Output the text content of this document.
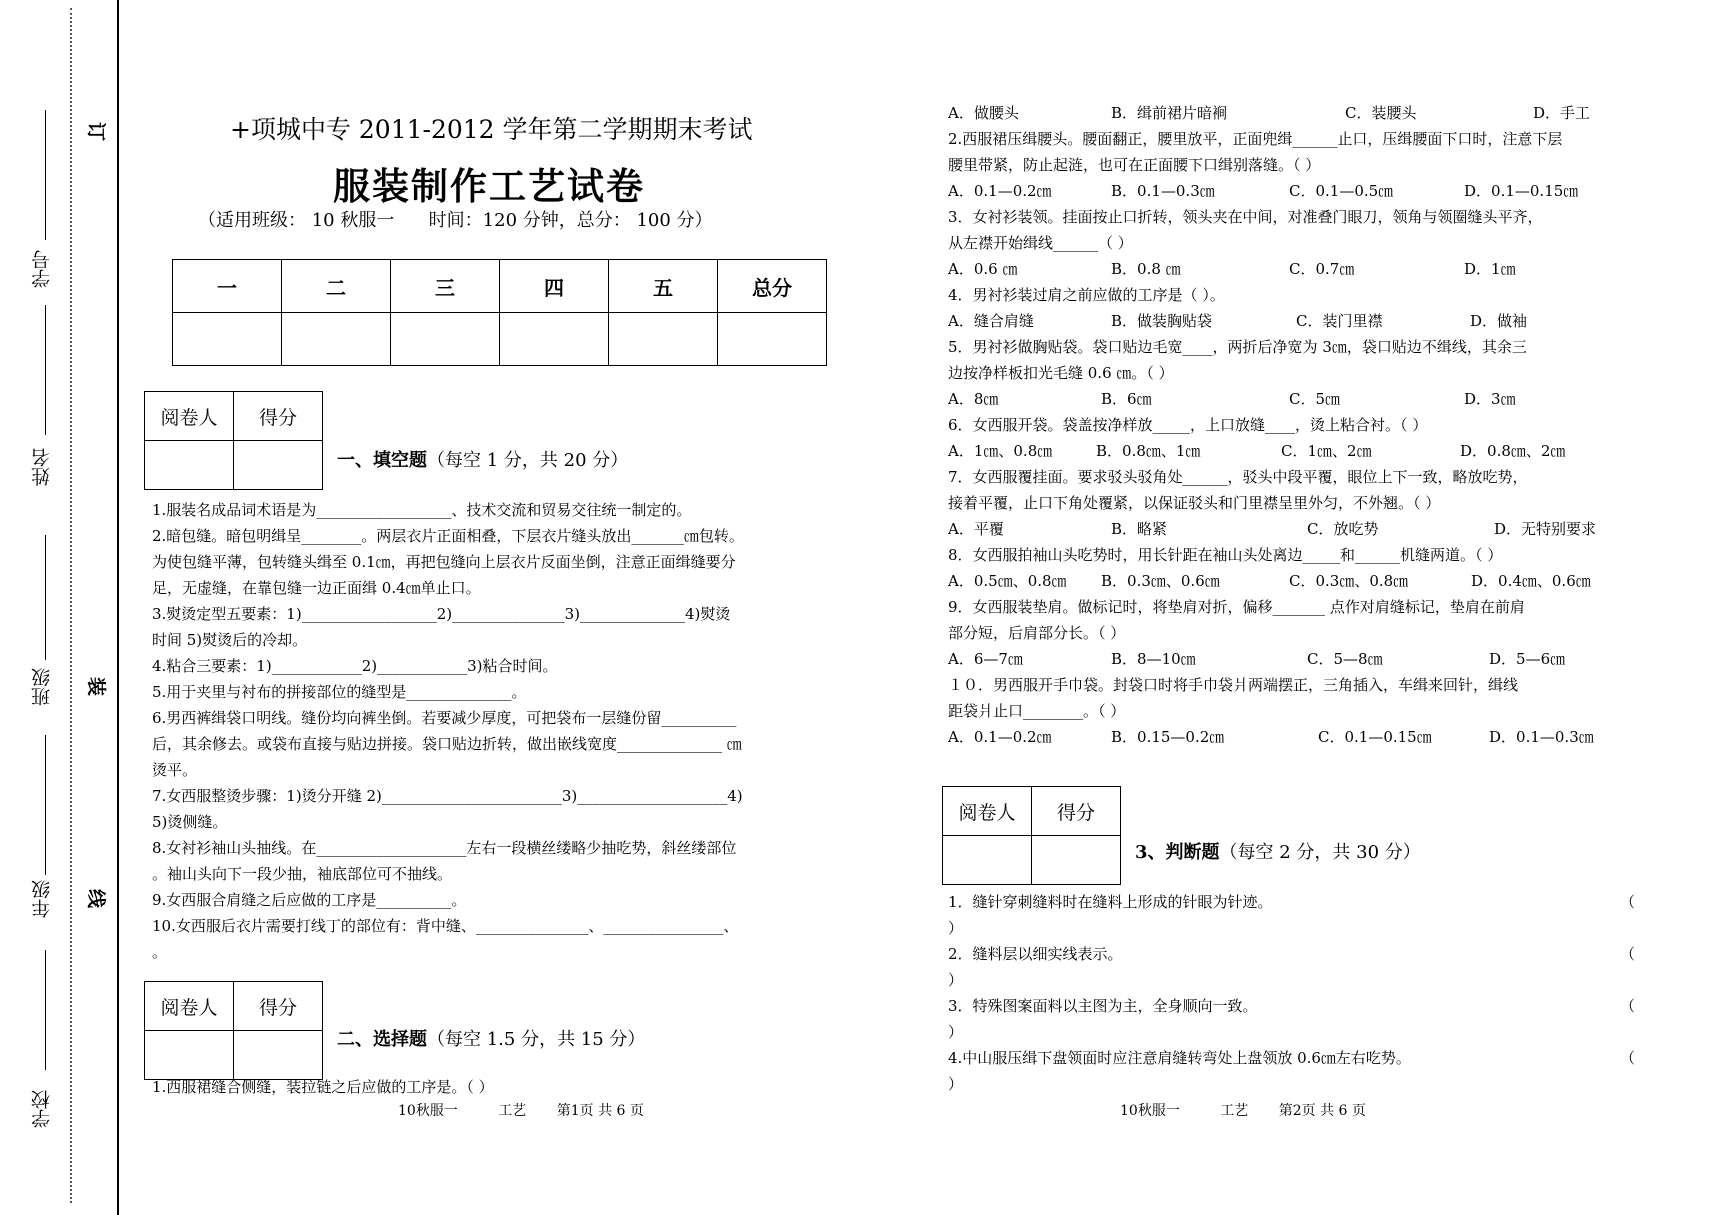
学号
姓名
班级
年级
学校
订
装
线
+项城中专 2011-2012 学年第二学期期末考试
服装制作工艺试卷
（适用班级： 10 秋服一      时间：120 分钟，总分： 100 分）
一	二	三	四	五	总分

阅卷人	得分

一、填空题（每空 1 分，共 20 分）
1.服装名成品词术语是为__________________、技术交流和贸易交往统一制定的。
2.暗包缝。暗包明缉呈________。两层衣片正面相叠，下层衣片缝头放出_______㎝包转。
为使包缝平薄，包转缝头缉至 0.1㎝，再把包缝向上层衣片反面坐倒，注意正面缉缝要分
足，无虚缝，在靠包缝一边正面缉 0.4㎝单止口。
3.熨烫定型五要素：1)__________________2)_______________3)______________4)熨烫
时间 5)熨烫后的冷却。
4.粘合三要素：1)____________2)____________3)粘合时间。
5.用于夹里与衬布的拼接部位的缝型是______________。
6.男西裤缉袋口明线。缝份均向裤坐倒。若要减少厚度，可把袋布一层缝份留__________
后，其余修去。或袋布直接与贴边拼接。袋口贴边折转，做出嵌线宽度______________ ㎝
烫平。
7.女西服整烫步骤：1)烫分开缝 2)________________________3)____________________4)
5)烫侧缝。
8.女衬衫袖山头抽线。在____________________左右一段横丝缕略少抽吃势，斜丝缕部位
。袖山头向下一段少抽，袖底部位可不抽线。
9.女西服合肩缝之后应做的工序是__________。
10.女西服后衣片需要打线丁的部位有：背中缝、_______________、________________、
。
阅卷人	得分

二、选择题（每空 1.5 分，共 15 分）
1.西服裙缝合侧缝，装拉链之后应做的工序是。（ ）
10秋服一	工艺 第1页 共 6 页
A．做腰头	B．缉前裙片暗裥	C．装腰头	D．手工
2.西服裙压缉腰头。腰面翻正，腰里放平，正面兜缉______止口，压缉腰面下口时，注意下层
腰里带紧，防止起涟，也可在正面腰下口缉别落缝。（ ）
A．0.1—0.2㎝	B．0.1—0.3㎝	C．0.1—0.5㎝	D．0.1—0.15㎝
3．女衬衫装领。挂面按止口折转，领头夹在中间，对准叠门眼刀，领角与领圈缝头平齐，
从左襟开始缉线______（ ）
A．0.6 ㎝	B．0.8 ㎝	C．0.7㎝	D．1㎝
4．男衬衫装过肩之前应做的工序是（ ）。
A．缝合肩缝	B．做装胸贴袋	C．装门里襟	D．做袖
5．男衬衫做胸贴袋。袋口贴边毛宽____，两折后净宽为 3㎝，袋口贴边不缉线，其余三
边按净样板扣光毛缝 0.6 ㎝。（ ）
A．8㎝	B．6㎝	C．5㎝	D．3㎝
6．女西服开袋。袋盖按净样放_____，上口放缝____，烫上粘合衬。（ ）
A．1㎝、0.8㎝	B．0.8㎝、1㎝	C．1㎝、2㎝	D．0.8㎝、2㎝
7．女西服覆挂面。要求驳头驳角处______，驳头中段平覆，眼位上下一致，略放吃势，
接着平覆，止口下角处覆紧，以保证驳头和门里襟呈里外匀，不外翘。（ ）
A．平覆	B．略紧	C．放吃势	D．无特别要求
8．女西服拍袖山头吃势时，用长针距在袖山头处离边_____和______机缝两道。（ ）
A．0.5㎝、0.8㎝ B．0.3㎝、0.6㎝	C．0.3㎝、0.8㎝	D．0.4㎝、0.6㎝
9．女西服装垫肩。做标记时，将垫肩对折，偏移_______ 点作对肩缝标记，垫肩在前肩
部分短，后肩部分长。（ ）
A．6—7㎝	B．8—10㎝	C．5—8㎝	D．5—6㎝
１０．男西服开手巾袋。封袋口时将手巾袋爿两端摆正，三角插入，车缉来回针，缉线
距袋爿止口________。（ ）
A．0.1—0.2㎝	B．0.15—0.2㎝	C．0.1—0.15㎝	D．0.1—0.3㎝
阅卷人	得分

3、判断题（每空 2 分，共 30 分）
1．缝针穿刺缝料时在缝料上形成的针眼为针迹。	（
）
2．缝料层以细实线表示。	（
）
3．特殊图案面料以主图为主，全身顺向一致。	（
）
4.中山服压缉下盘领面时应注意肩缝转弯处上盘领放 0.6㎝左右吃势。	（
）
10秋服一	工艺 第2页 共 6 页
